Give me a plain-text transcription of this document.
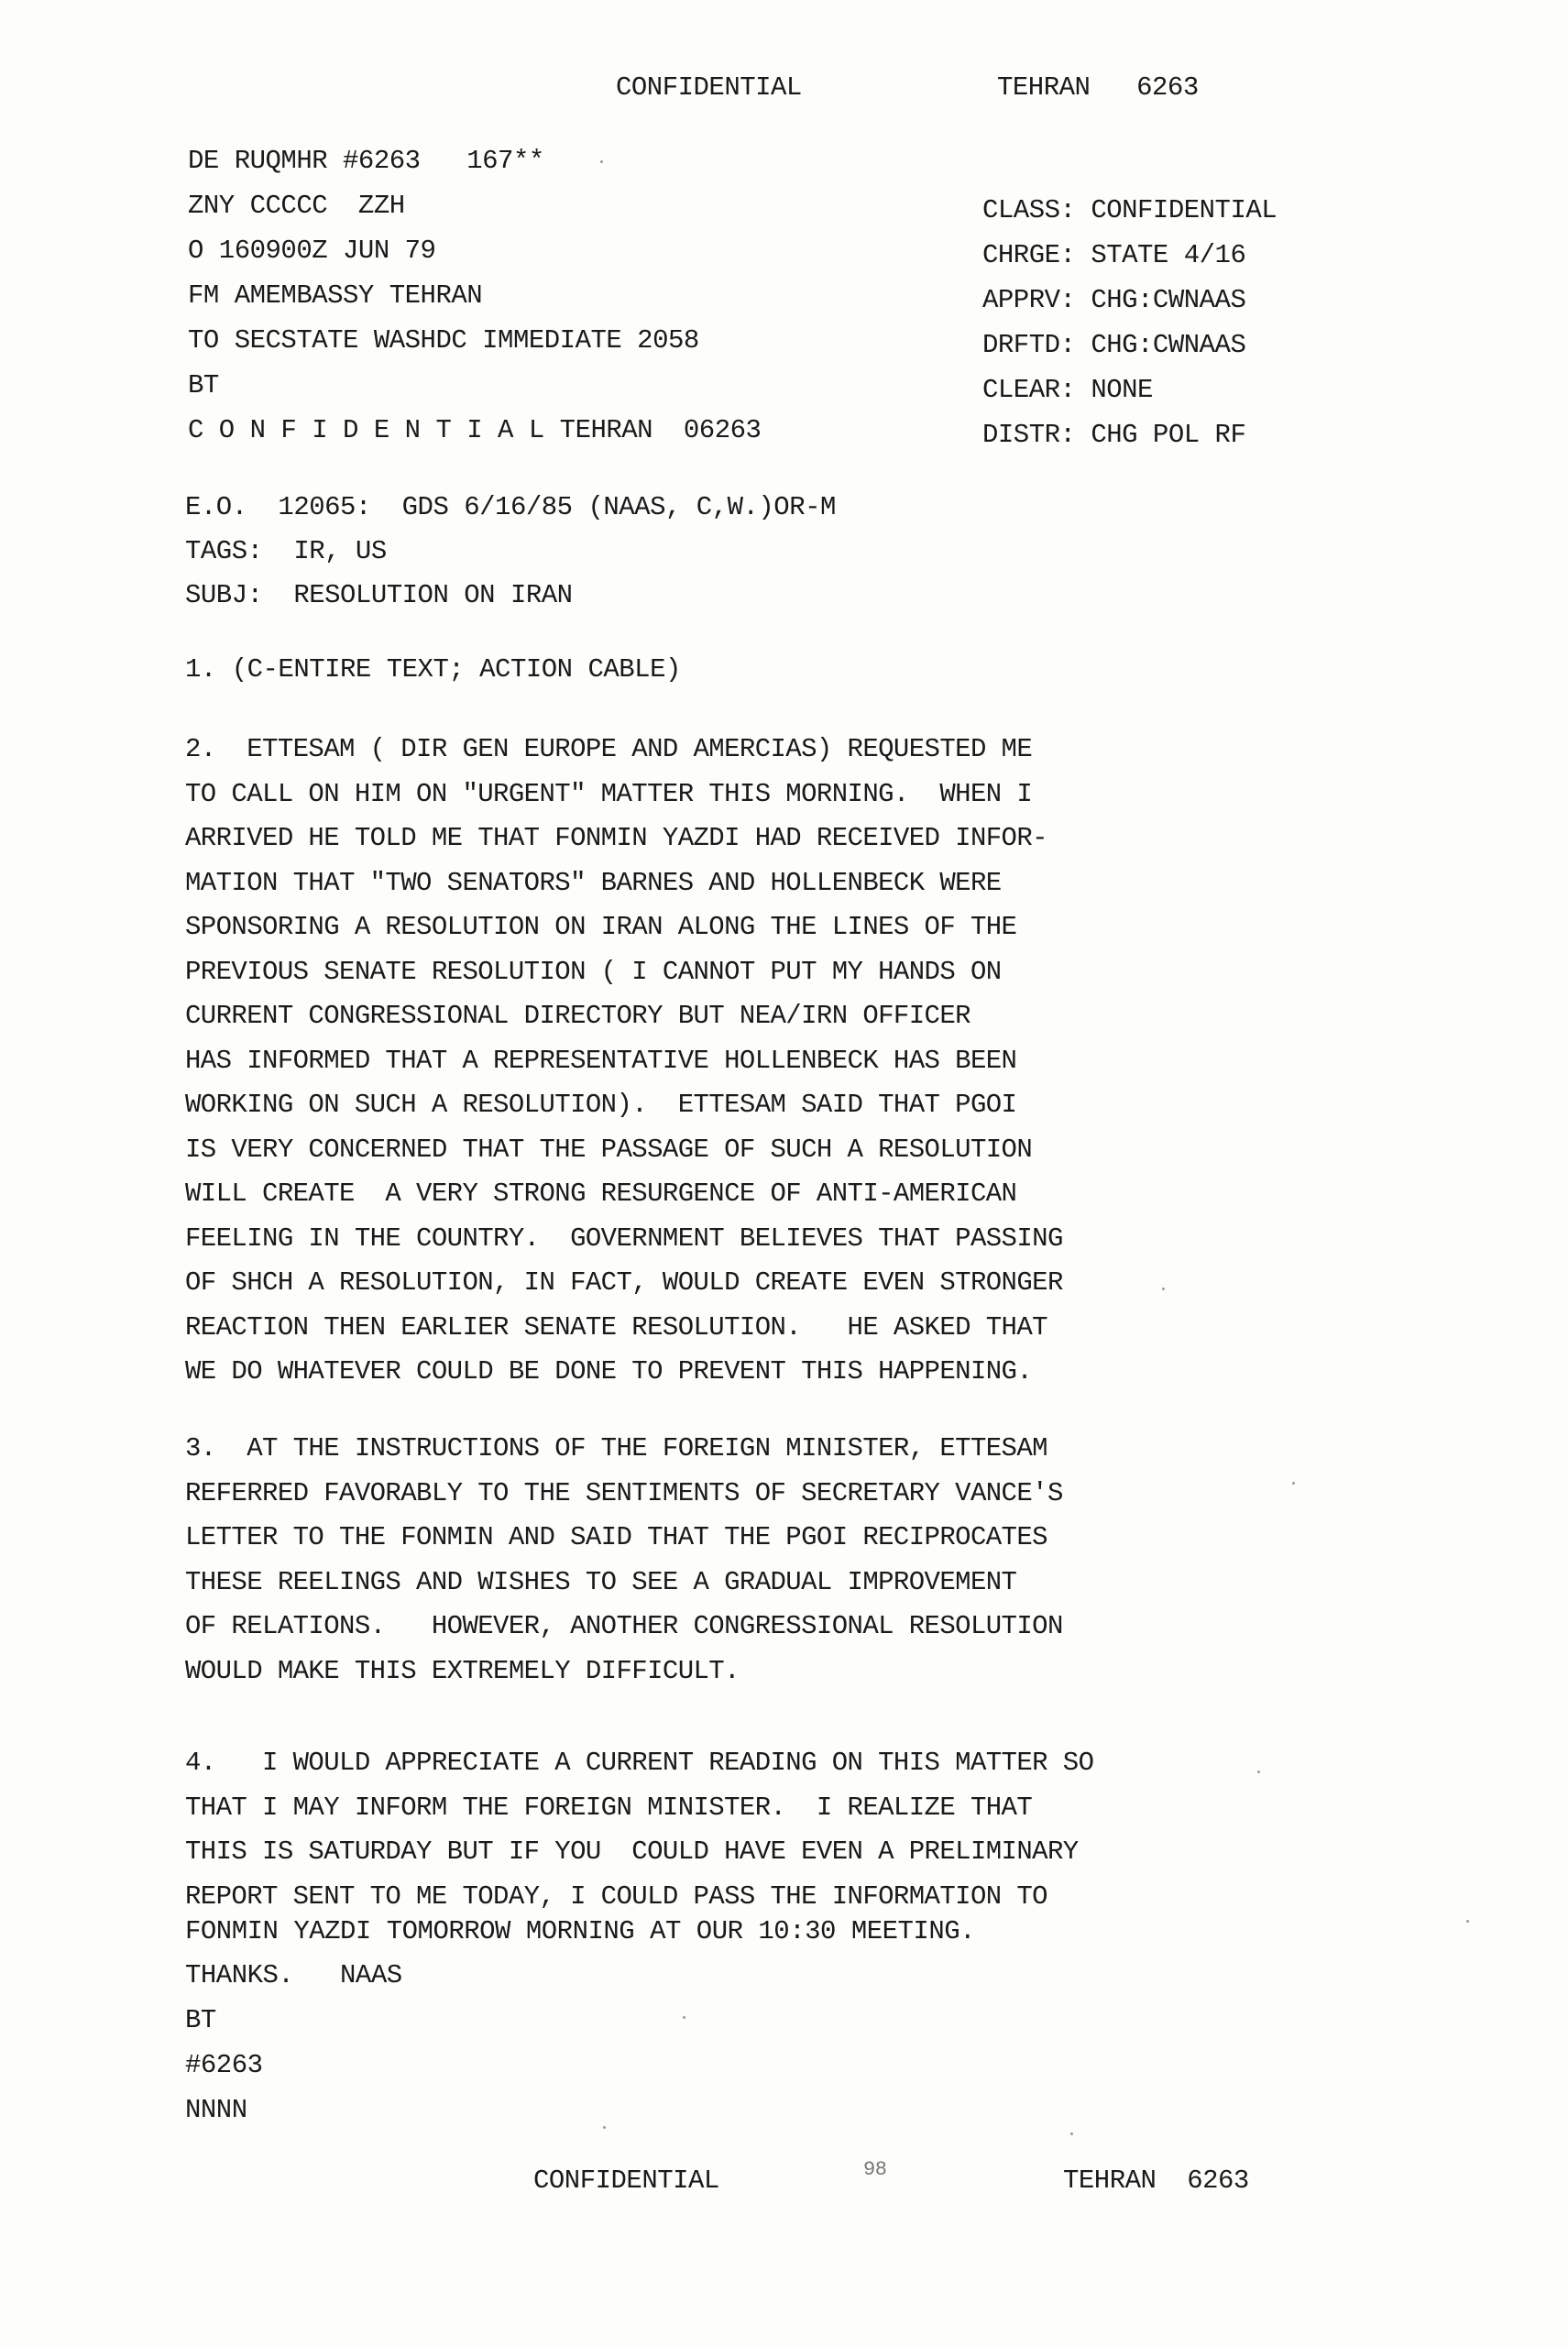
CONFIDENTIAL	TEHRAN   6263
DE RUQMHR #6263   167**
ZNY CCCCC  ZZH
O 160900Z JUN 79
FM AMEMBASSY TEHRAN
TO SECSTATE WASHDC IMMEDIATE 2058
BT
C O N F I D E N T I A L TEHRAN  06263
CLASS: CONFIDENTIAL
CHRGE: STATE 4/16
APPRV: CHG:CWNAAS
DRFTD: CHG:CWNAAS
CLEAR: NONE
DISTR: CHG POL RF
E.O.  12065:  GDS 6/16/85 (NAAS, C,W.)OR-M
TAGS:  IR, US
SUBJ:  RESOLUTION ON IRAN
1. (C-ENTIRE TEXT; ACTION CABLE)
2.  ETTESAM ( DIR GEN EUROPE AND AMERCIAS) REQUESTED ME
TO CALL ON HIM ON "URGENT" MATTER THIS MORNING.  WHEN I
ARRIVED HE TOLD ME THAT FONMIN YAZDI HAD RECEIVED INFOR-
MATION THAT "TWO SENATORS" BARNES AND HOLLENBECK WERE
SPONSORING A RESOLUTION ON IRAN ALONG THE LINES OF THE
PREVIOUS SENATE RESOLUTION ( I CANNOT PUT MY HANDS ON
CURRENT CONGRESSIONAL DIRECTORY BUT NEA/IRN OFFICER
HAS INFORMED THAT A REPRESENTATIVE HOLLENBECK HAS BEEN
WORKING ON SUCH A RESOLUTION).  ETTESAM SAID THAT PGOI
IS VERY CONCERNED THAT THE PASSAGE OF SUCH A RESOLUTION
WILL CREATE  A VERY STRONG RESURGENCE OF ANTI-AMERICAN
FEELING IN THE COUNTRY.  GOVERNMENT BELIEVES THAT PASSING
OF SHCH A RESOLUTION, IN FACT, WOULD CREATE EVEN STRONGER
REACTION THEN EARLIER SENATE RESOLUTION.   HE ASKED THAT
WE DO WHATEVER COULD BE DONE TO PREVENT THIS HAPPENING.
3.  AT THE INSTRUCTIONS OF THE FOREIGN MINISTER, ETTESAM
REFERRED FAVORABLY TO THE SENTIMENTS OF SECRETARY VANCE'S
LETTER TO THE FONMIN AND SAID THAT THE PGOI RECIPROCATES
THESE REELINGS AND WISHES TO SEE A GRADUAL IMPROVEMENT
OF RELATIONS.   HOWEVER, ANOTHER CONGRESSIONAL RESOLUTION
WOULD MAKE THIS EXTREMELY DIFFICULT.
4.   I WOULD APPRECIATE A CURRENT READING ON THIS MATTER SO
THAT I MAY INFORM THE FOREIGN MINISTER.  I REALIZE THAT
THIS IS SATURDAY BUT IF YOU  COULD HAVE EVEN A PRELIMINARY
REPORT SENT TO ME TODAY, I COULD PASS THE INFORMATION TO
FONMIN YAZDI TOMORROW MORNING AT OUR 10:30 MEETING.
THANKS.   NAAS
BT
#6263
NNNN
CONFIDENTIAL	98	TEHRAN  6263
